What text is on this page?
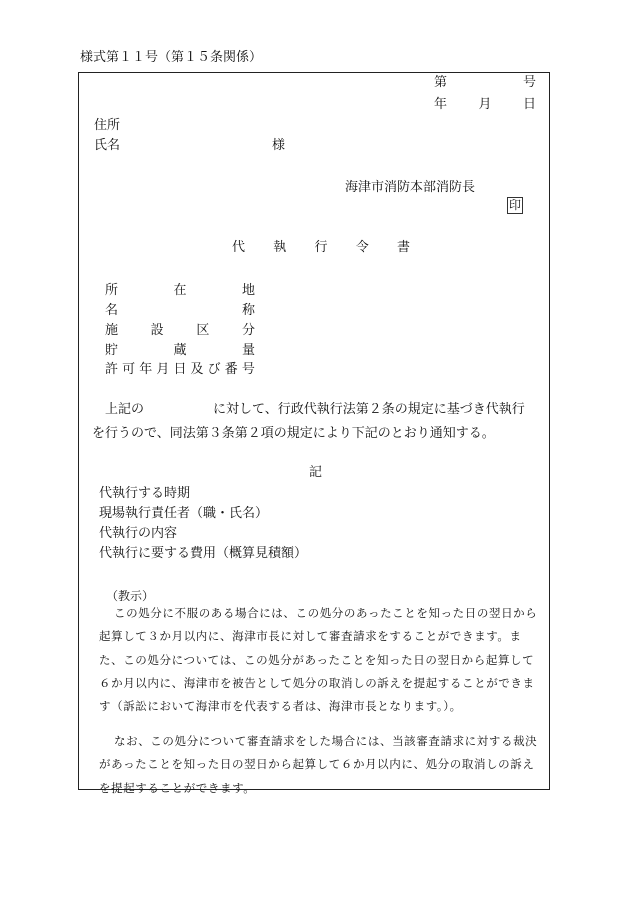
様式第１１号（第１５条関係）
第	号
年 月 日
住所
氏名	様
海津市消防本部消防長
印
代 執 行 令 書
所	在	地
名	称
施	設	区	分
貯	蔵	量
許 可 年 月 日 及 び 番 号
上記の	に対して、行政代執行法第２条の規定に基づき代執行
を行うので、同法第３条第２項の規定により下記のとおり通知する。
記
代執行する時期
現場執行責任者（職・氏名）
代執行の内容
代執行に要する費用（概算見積額）
（教示）
この処分に不服のある場合には、この処分のあったことを知った日の翌日から起算して３か月以内に、海津市長に対して審査請求をすることができます。また、この処分については、この処分があったことを知った日の翌日から起算して６か月以内に、海津市を被告として処分の取消しの訴えを提起することができます（訴訟において海津市を代表する者は、海津市長となります。）。
なお、この処分について審査請求をした場合には、当該審査請求に対する裁決があったことを知った日の翌日から起算して６か月以内に、処分の取消しの訴えを提起することができます。
